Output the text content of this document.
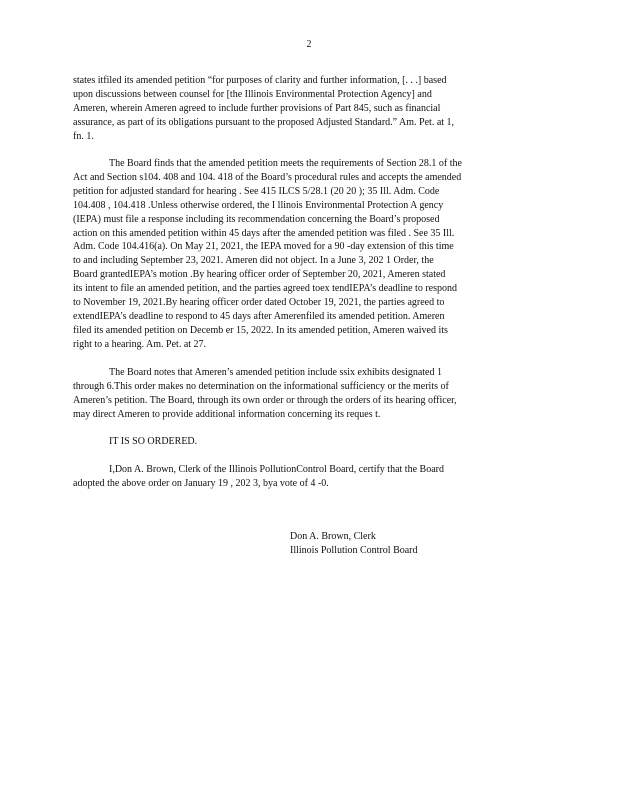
2

states itfiled its amended petition “for purposes of clarity and further information, [. . .] based
upon discussions between counsel for [the Illinois Environmental Protection Agency] and
Ameren, wherein Ameren agreed to include further provisions of Part 845, such as financial
assurance, as part of its obligations pursuant to the proposed Adjusted Standard.” Am. Pet. at 1,
fn. 1.

The Board finds that the amended petition meets the requirements of Section 28.1 of the
Act and Section s104. 408 and 104. 418 of the Board’s procedural rules and accepts the amended
petition for adjusted standard for hearing . See 415 ILCS 5/28.1 (20 20 ); 35 Ill. Adm. Code
104.408 , 104.418 .Unless otherwise ordered, the I llinois Environmental Protection A gency
(IEPA) must file a response including its recommendation concerning the Board’s proposed
action on this amended petition within 45 days after the amended petition was filed . See 35 Ill.
Adm. Code 104.416(a). On May 21, 2021, the IEPA moved for a 90 -day extension of this time
to and including September 23, 2021. Ameren did not object. In a June 3, 202 1 Order, the
Board grantedIEPA’s motion .By hearing officer order of September 20, 2021, Ameren stated
its intent to file an amended petition, and the parties agreed toex tendIEPA’s deadline to respond
to November 19, 2021.By hearing officer order dated October 19, 2021, the parties agreed to
extendIEPA’s deadline to respond to 45 days after Amerenfiled its amended petition. Ameren
filed its amended petition on Decemb er 15, 2022. In its amended petition, Ameren waived its
right to a hearing. Am. Pet. at 27.

The Board notes that Ameren’s amended petition include ssix exhibits designated 1
through 6.This order makes no determination on the informational sufficiency or the merits of
Ameren’s petition. The Board, through its own order or through the orders of its hearing officer,
may direct Ameren to provide additional information concerning its reques t.

IT IS SO ORDERED.

I,Don A. Brown, Clerk of the Illinois PollutionControl Board, certify that the Board
adopted the above order on January 19 , 202 3, bya vote of 4 -0.

Don A. Brown, Clerk
Illinois Pollution Control Board
